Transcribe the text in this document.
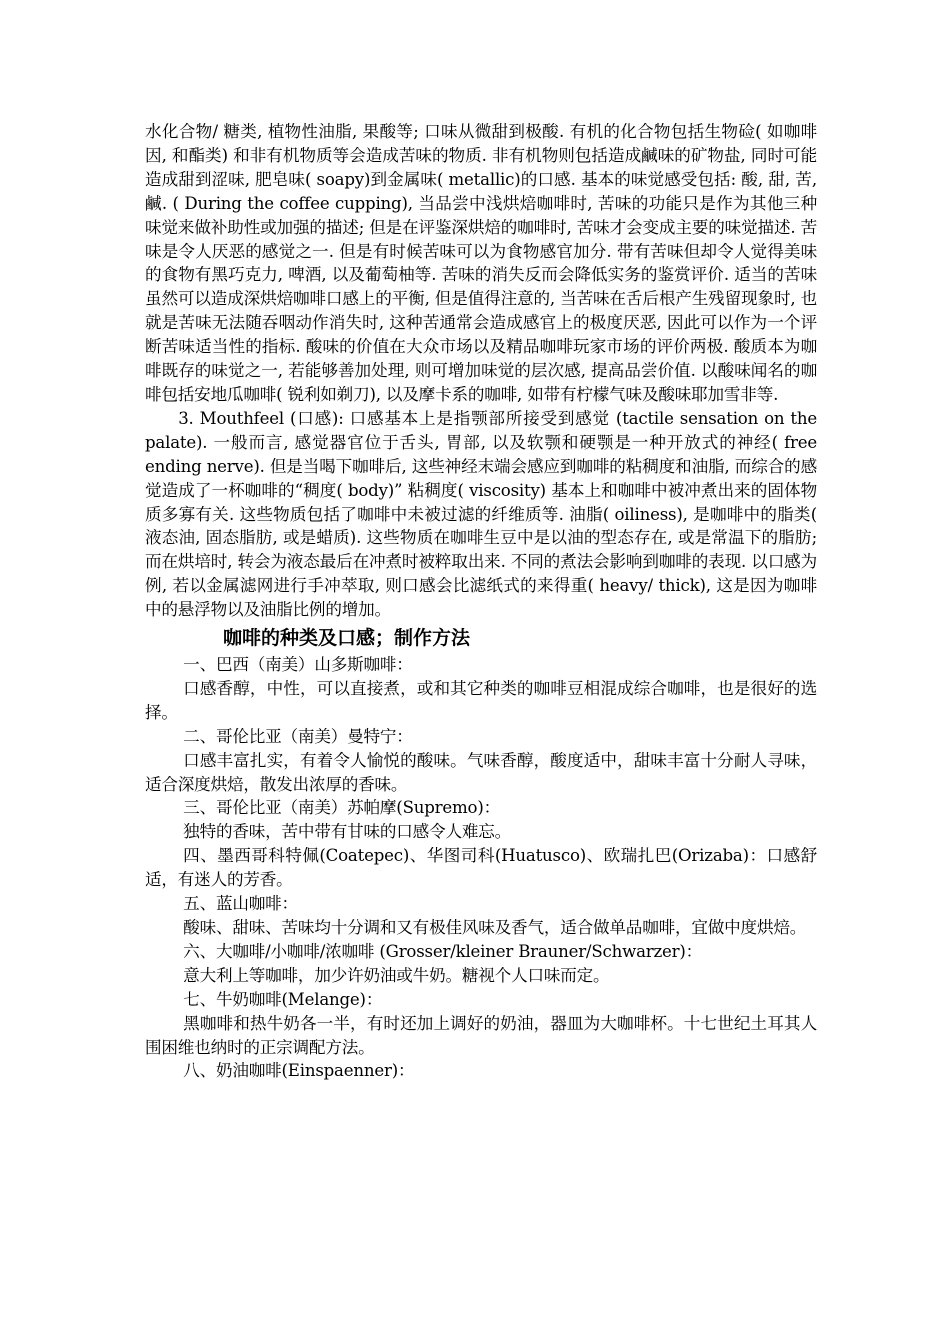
水化合物/ 糖类, 植物性油脂, 果酸等; 口味从微甜到极酸. 有机的化合物包括生物硷( 如咖啡因, 和酯类) 和非有机物质等会造成苦味的物质. 非有机物则包括造成鹹味的矿物盐, 同时可能造成甜到涩味, 肥皂味( soapy)到金属味( metallic)的口感. 基本的味觉感受包括: 酸, 甜, 苦, 鹹. ( During the coffee cupping), 当品尝中浅烘焙咖啡时, 苦味的功能只是作为其他三种味觉来做补助性或加强的描述; 但是在评鉴深烘焙的咖啡时, 苦味才会变成主要的味觉描述. 苦味是令人厌恶的感觉之一. 但是有时候苦味可以为食物感官加分. 带有苦味但却令人觉得美味的食物有黑巧克力, 啤酒, 以及葡萄柚等. 苦味的消失反而会降低实务的鉴赏评价. 适当的苦味虽然可以造成深烘焙咖啡口感上的平衡, 但是值得注意的, 当苦味在舌后根产生残留现象时, 也就是苦味无法随吞咽动作消失时, 这种苦通常会造成感官上的极度厌恶, 因此可以作为一个评断苦味适当性的指标. 酸味的价值在大众市场以及精品咖啡玩家市场的评价两极. 酸质本为咖啡既存的味觉之一, 若能够善加处理, 则可增加味觉的层次感, 提高品尝价值. 以酸味闻名的咖啡包括安地瓜咖啡( 锐利如剃刀), 以及摩卡系的咖啡, 如带有柠檬气味及酸味耶加雪非等.

3. Mouthfeel (口感): 口感基本上是指颚部所接受到感觉 (tactile sensation on the palate). 一般而言, 感觉器官位于舌头, 胃部, 以及软颚和硬颚是一种开放式的神经( free ending nerve). 但是当喝下咖啡后, 这些神经末端会感应到咖啡的粘稠度和油脂, 而综合的感觉造成了一杯咖啡的“稠度( body)” 粘稠度( viscosity) 基本上和咖啡中被冲煮出来的固体物质多寡有关. 这些物质包括了咖啡中未被过滤的纤维质等. 油脂( oiliness), 是咖啡中的脂类( 液态油, 固态脂肪, 或是蜡质). 这些物质在咖啡生豆中是以油的型态存在, 或是常温下的脂肪; 而在烘培时, 转会为液态最后在冲煮时被粹取出来. 不同的煮法会影响到咖啡的表现. 以口感为例, 若以金属滤网进行手冲萃取, 则口感会比滤纸式的来得重( heavy/ thick), 这是因为咖啡中的悬浮物以及油脂比例的增加。

咖啡的种类及口感；制作方法

一、巴西（南美）山多斯咖啡：

口感香醇，中性，可以直接煮，或和其它种类的咖啡豆相混成综合咖啡，也是很好的选择。

二、哥伦比亚（南美）曼特宁：

口感丰富扎实，有着令人愉悦的酸味。气味香醇，酸度适中，甜味丰富十分耐人寻味，适合深度烘焙，散发出浓厚的香味。

三、哥伦比亚（南美）苏帕摩(Supremo)：

独特的香味，苦中带有甘味的口感令人难忘。

四、墨西哥科特佩(Coatepec)、华图司科(Huatusco)、欧瑞扎巴(Orizaba)：口感舒适，有迷人的芳香。

五、蓝山咖啡：

酸味、甜味、苦味均十分调和又有极佳风味及香气，适合做单品咖啡，宜做中度烘焙。

六、大咖啡/小咖啡/浓咖啡 (Grosser/kleiner Brauner/Schwarzer)：

意大利上等咖啡，加少许奶油或牛奶。糖视个人口味而定。

七、牛奶咖啡(Melange)：

黑咖啡和热牛奶各一半，有时还加上调好的奶油，器皿为大咖啡杯。十七世纪土耳其人围困维也纳时的正宗调配方法。

八、奶油咖啡(Einspaenner)：
